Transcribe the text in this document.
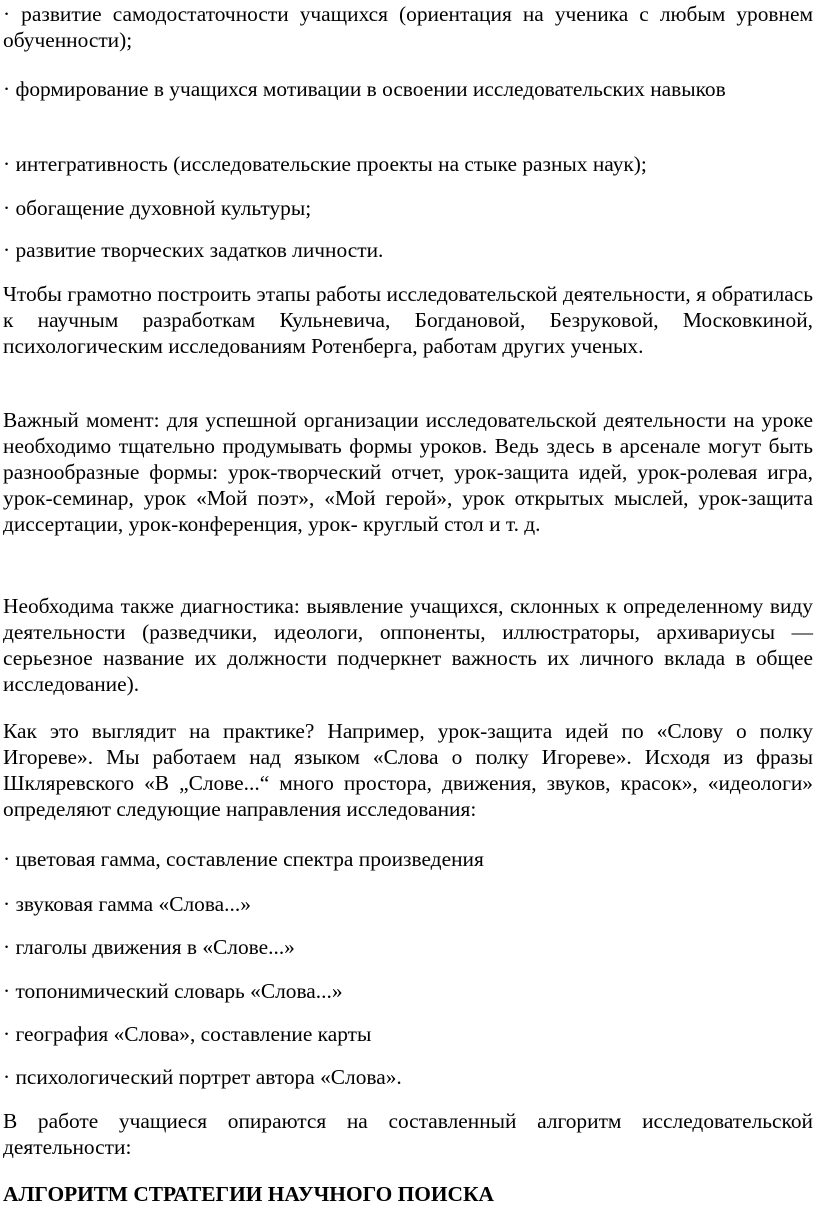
· развитие самодостаточности учащихся (ориентация на ученика с любым уровнем обученности);

· формирование в учащихся мотивации в освоении исследовательских навыков

· интегративность (исследовательские проекты на стыке разных наук);

· обогащение духовной культуры;

· развитие творческих задатков личности.

Чтобы грамотно построить этапы работы исследовательской деятельности, я обратилась к научным разработкам Кульневича, Богдановой, Безруковой, Московкиной, психологическим исследованиям Ротенберга, работам других ученых.

Важный момент: для успешной организации исследовательской деятельности на уроке необходимо тщательно продумывать формы уроков. Ведь здесь в арсенале могут быть разнообразные формы: урок-творческий отчет, урок-защита идей, урок-ролевая игра, урок-семинар, урок «Мой поэт», «Мой герой», урок открытых мыслей, урок-защита диссертации, урок-конференция, урок- круглый стол и т. д.

Необходима также диагностика: выявление учащихся, склонных к определенному виду деятельности (разведчики, идеологи, оппоненты, иллюстраторы, архивариусы — серьезное название их должности подчеркнет важность их личного вклада в общее исследование).

Как это выглядит на практике? Например, урок-защита идей по «Слову о полку Игореве». Мы работаем над языком «Слова о полку Игореве». Исходя из фразы Шкляревского «В „Слове...“ много простора, движения, звуков, красок», «идеологи» определяют следующие направления исследования:

· цветовая гамма, составление спектра произведения

· звуковая гамма «Слова...»

· глаголы движения в «Слове...»

· топонимический словарь «Слова...»

· география «Слова», составление карты

· психологический портрет автора «Слова».

В работе учащиеся опираются на составленный алгоритм исследовательской деятельности:

АЛГОРИТМ СТРАТЕГИИ НАУЧНОГО ПОИСКА
